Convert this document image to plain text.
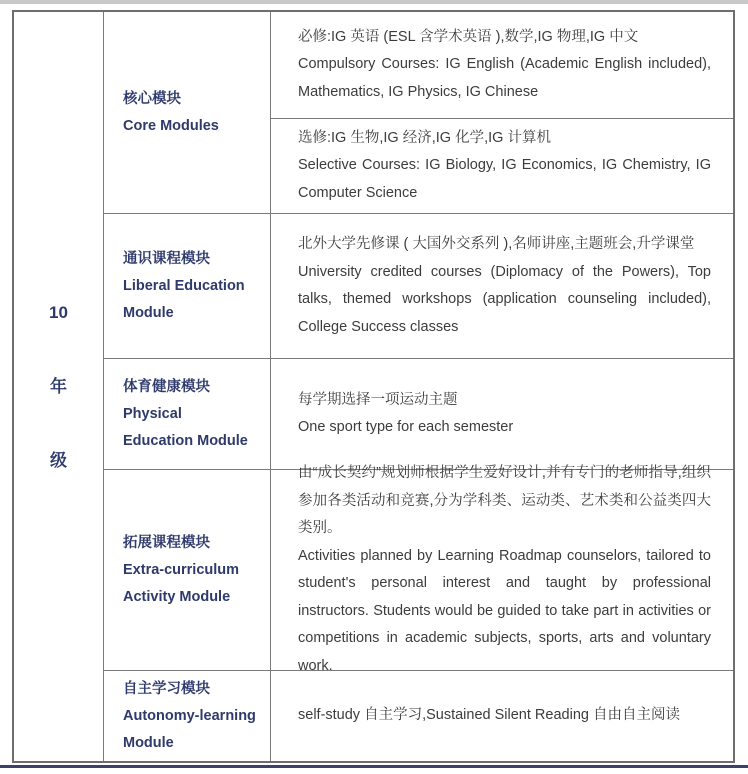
10
年
级
核心模块
Core Modules
通识课程模块
Liberal Education
Module
体育健康模块
Physical
Education Module
拓展课程模块
Extra-curriculum
Activity Module
自主学习模块
Autonomy-learning
Module

必修:IG 英语 (ESL 含学术英语 ),数学,IG 物理,IG 中文

Compulsory Courses: IG English (Academic English included), Mathematics, IG Physics, IG Chinese

选修:IG 生物,IG 经济,IG 化学,IG 计算机

Selective Courses: IG Biology, IG Economics, IG Chemistry, IG Computer Science

北外大学先修课 ( 大国外交系列 ),名师讲座,主题班会,升学课堂

University credited courses (Diplomacy of the Powers), Top talks, themed workshops (application counseling included), College Success classes

每学期选择一项运动主题

One sport type for each semester

由“成长契约”规划师根据学生爱好设计,并有专门的老师指导,组织参加各类活动和竞赛,分为学科类、运动类、艺术类和公益类四大类别。

Activities planned by Learning Roadmap counselors, tailored to student's personal interest and taught by professional instructors. Students would be guided to take part in activities or competitions in academic subjects, sports, arts and voluntary work.

self-study 自主学习,Sustained Silent Reading 自由自主阅读
